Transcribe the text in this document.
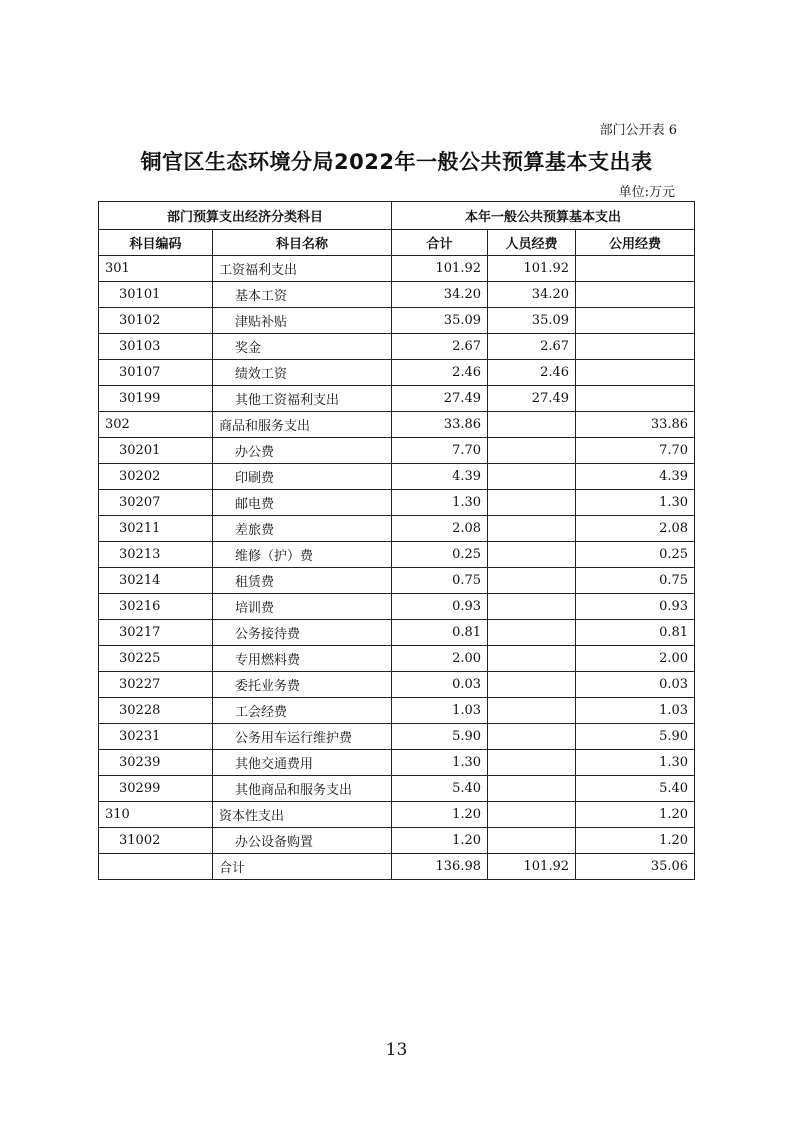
部门公开表 6
铜官区生态环境分局2022年一般公共预算基本支出表
单位:万元
部门预算支出经济分类科目		本年一般公共预算基本支出		
科目编码	科目名称	合计	人员经费	公用经费
301	工资福利支出	101.92	101.92	
30101	基本工资	34.20	34.20	
30102	津贴补贴	35.09	35.09	
30103	奖金	2.67	2.67	
30107	绩效工资	2.46	2.46	
30199	其他工资福利支出	27.49	27.49	
302	商品和服务支出	33.86		33.86
30201	办公费	7.70		7.70
30202	印刷费	4.39		4.39
30207	邮电费	1.30		1.30
30211	差旅费	2.08		2.08
30213	维修（护）费	0.25		0.25
30214	租赁费	0.75		0.75
30216	培训费	0.93		0.93
30217	公务接待费	0.81		0.81
30225	专用燃料费	2.00		2.00
30227	委托业务费	0.03		0.03
30228	工会经费	1.03		1.03
30231	公务用车运行维护费	5.90		5.90
30239	其他交通费用	1.30		1.30
30299	其他商品和服务支出	5.40		5.40
310	资本性支出	1.20		1.20
31002	办公设备购置	1.20		1.20
	合计	136.98	101.92	35.06
13
